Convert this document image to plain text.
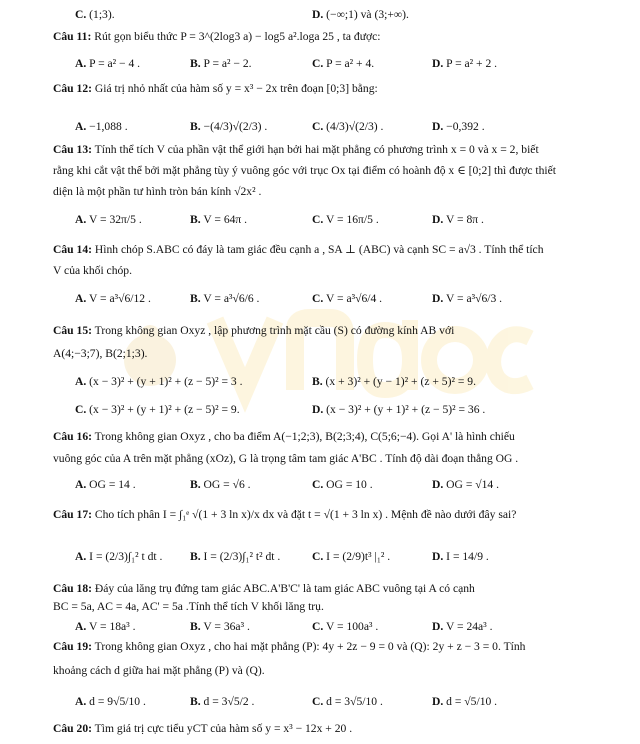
C. (1;3).	D. (−∞;1) và (3;+∞).
Câu 11: Rút gọn biểu thức P = 3^(2log3 a) − log5 a².loga 25 , ta được:
A. P = a² − 4 .	B. P = a² − 2.	C. P = a² + 4.	D. P = a² + 2 .
Câu 12: Giá trị nhỏ nhất của hàm số y = x³ − 2x trên đoạn [0;3] bằng:
A. −1,088 .	B. −(4/3)√(2/3) .	C. (4/3)√(2/3) .	D. −0,392 .
Câu 13: Tính thể tích V của phần vật thể giới hạn bởi hai mặt phẳng có phương trình x = 0 và x = 2, biết
rằng khi cắt vật thể bởi mặt phẳng tùy ý vuông góc với trục Ox tại điểm có hoành độ x ∈ [0;2] thì được thiết
diện là một phần tư hình tròn bán kính √2x² .
A. V = 32π/5 .	B. V = 64π .	C. V = 16π/5 .	D. V = 8π .
Câu 14: Hình chóp S.ABC có đáy là tam giác đều cạnh a , SA ⊥ (ABC) và cạnh SC = a√3 . Tính thể tích
V của khối chóp.
A. V = a³√6/12 .	B. V = a³√6/6 .	C. V = a³√6/4 .	D. V = a³√6/3 .
Câu 15: Trong không gian Oxyz , lập phương trình mặt cầu (S) có đường kính AB với
A(4;−3;7), B(2;1;3).
A. (x − 3)² + (y + 1)² + (z − 5)² = 3 .	B. (x + 3)² + (y − 1)² + (z + 5)² = 9.
C. (x − 3)² + (y + 1)² + (z − 5)² = 9.	D. (x − 3)² + (y + 1)² + (z − 5)² = 36 .
Câu 16: Trong không gian Oxyz , cho ba điểm A(−1;2;3), B(2;3;4), C(5;6;−4). Gọi A' là hình chiếu
vuông góc của A trên mặt phẳng (xOz), G là trọng tâm tam giác A'BC . Tính độ dài đoạn thẳng OG .
A. OG = 14 .	B. OG = √6 .	C. OG = 10 .	D. OG = √14 .
Câu 17: Cho tích phân I = ∫₁ᵉ √(1 + 3 ln x)/x dx và đặt t = √(1 + 3 ln x) . Mệnh đề nào dưới đây sai?
A. I = (2/3)∫₁² t dt . B. I = (2/3)∫₁² t² dt .	C. I = (2/9)t³ |₁² .	D. I = 14/9 .
Câu 18: Đáy của lăng trụ đứng tam giác ABC.A'B'C' là tam giác ABC vuông tại A có cạnh
BC = 5a, AC = 4a, AC' = 5a .Tính thể tích V khối lăng trụ.
A. V = 18a³ .	B. V = 36a³ .	C. V = 100a³ .	D. V = 24a³ .
Câu 19: Trong không gian Oxyz , cho hai mặt phẳng (P): 4y + 2z − 9 = 0 và (Q): 2y + z − 3 = 0. Tính
khoảng cách d giữa hai mặt phẳng (P) và (Q).
A. d = 9√5/10 .	B. d = 3√5/2 .	C. d = 3√5/10 .	D. d = √5/10 .
Câu 20: Tìm giá trị cực tiểu yCT của hàm số y = x³ − 12x + 20 .
